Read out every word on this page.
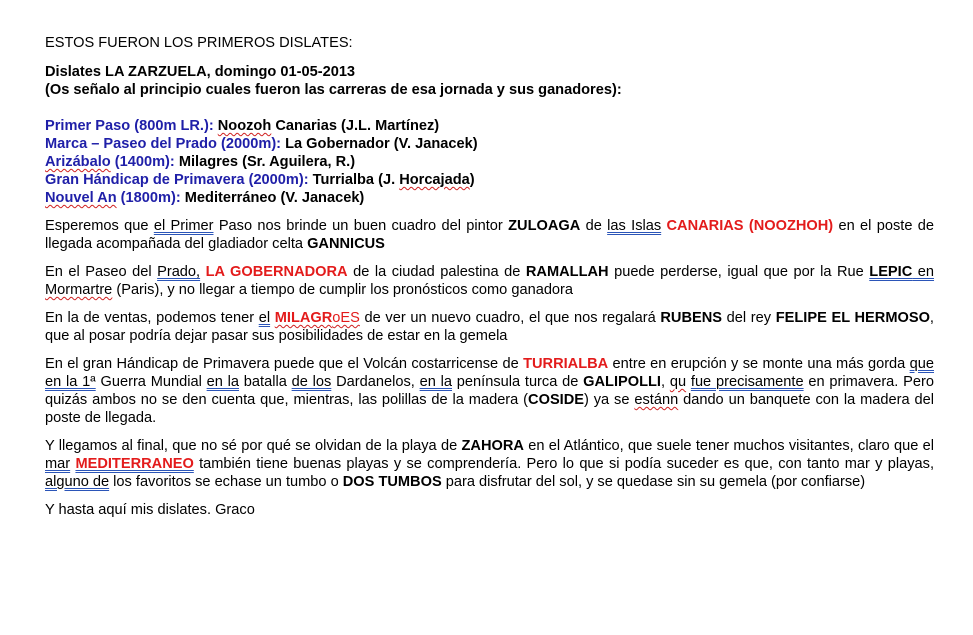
ESTOS FUERON LOS PRIMEROS DISLATES:

Dislates LA ZARZUELA, domingo 01-05-2013

(Os señalo al principio cuales fueron las carreras de esa jornada y sus ganadores):

Primer Paso (800m LR.): Noozoh Canarias (J.L. Martínez)

Marca – Paseo del Prado (2000m): La Gobernador (V. Janacek)

Arizábalo (1400m): Milagres (Sr. Aguilera, R.)

Gran Hándicap de Primavera (2000m): Turrialba (J. Horcajada)

Nouvel An (1800m): Mediterráneo (V. Janacek)

Esperemos que el Primer Paso nos brinde un buen cuadro del pintor ZULOAGA de las Islas CANARIAS (NOOZHOH) en el poste de llegada acompañada del gladiador celta GANNICUS

En el Paseo del Prado, LA GOBERNADORA de la ciudad palestina de RAMALLAH puede perderse, igual que por la Rue LEPIC en Mormartre (Paris), y no llegar a tiempo de cumplir los pronósticos como ganadora

En la de ventas, podemos tener el MILAGRoES de ver un nuevo cuadro, el que nos regalará RUBENS del rey FELIPE EL HERMOSO, que al posar podría dejar pasar sus posibilidades de estar en la gemela

En el gran Hándicap de Primavera puede que el Volcán costarricense de TURRIALBA entre en erupción y se monte una más gorda que en la 1ª Guerra Mundial en la batalla de los Dardanelos, en la península turca de GALIPOLLI, qu fue precisamente en primavera. Pero quizás ambos no se den cuenta que, mientras, las polillas de la madera (COSIDE) ya se estánn dando un banquete con la madera del poste de llegada.

Y llegamos al final, que no sé por qué se olvidan de la playa de ZAHORA en el Atlántico, que suele tener muchos visitantes, claro que el mar MEDITERRANEO también tiene buenas playas y se comprendería. Pero lo que si podía suceder es que, con tanto mar y playas, alguno de los favoritos se echase un tumbo o DOS TUMBOS para disfrutar del sol, y se quedase sin su gemela (por confiarse)

Y hasta aquí mis dislates. Graco
